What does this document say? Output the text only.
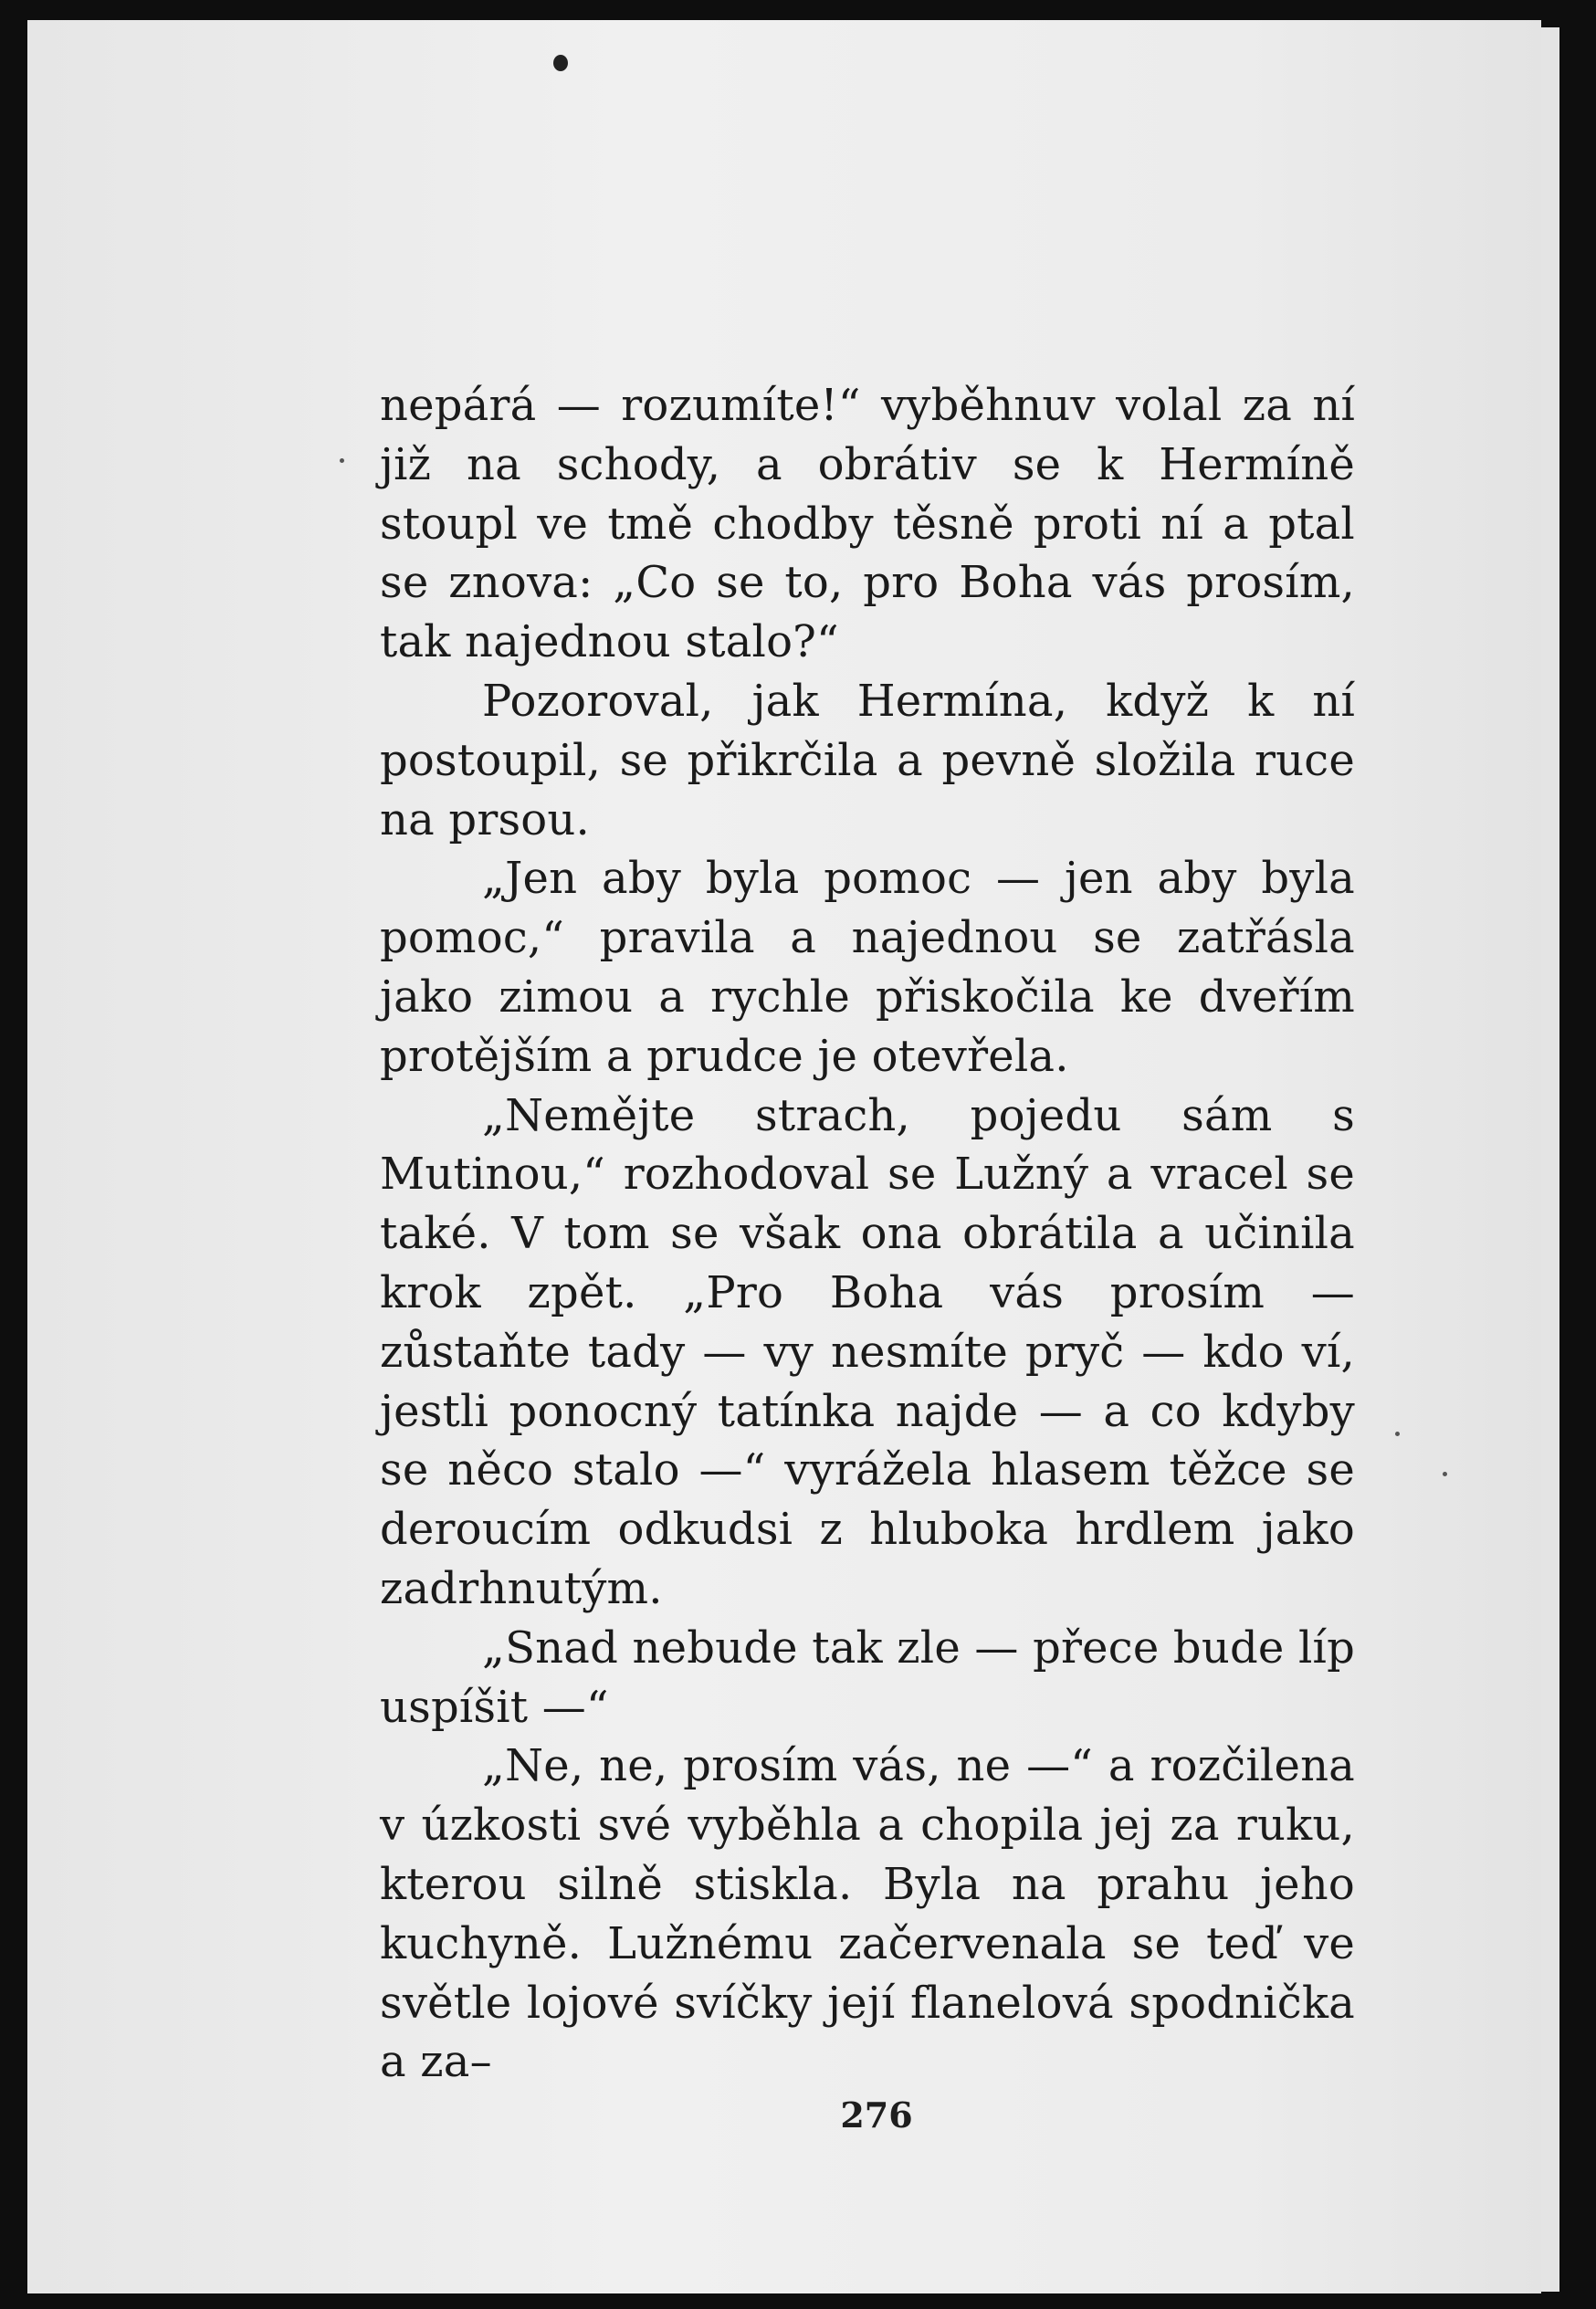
nepárá — rozumíte!“ vyběhnuv volal za ní již na schody, a obrátiv se k Hermíně stoupl ve tmě chodby těsně proti ní a ptal se znova: „Co se to, pro Boha vás prosím, tak najednou stalo?“

Pozoroval, jak Hermína, když k ní postoupil, se přikrčila a pevně složila ruce na prsou.

„Jen aby byla pomoc — jen aby byla pomoc,“ pravila a najednou se zatřásla jako zimou a rychle přiskočila ke dveřím protějším a prudce je otevřela.

„Nemějte strach, pojedu sám s Mutinou,“ rozhodoval se Lužný a vracel se také. V tom se však ona obrátila a učinila krok zpět. „Pro Boha vás prosím — zůstaňte tady — vy nesmíte pryč — kdo ví, jestli ponocný tatínka najde — a co kdyby se něco stalo —“ vyrážela hlasem těžce se deroucím odkudsi z hluboka hrdlem jako zadrhnutým.

„Snad nebude tak zle — přece bude líp uspíšit —“

„Ne, ne, prosím vás, ne —“ a rozčilena v úzkosti své vyběhla a chopila jej za ruku, kterou silně stiskla. Byla na prahu jeho kuchyně. Lužnému začervenala se teď ve světle lojové svíčky její flanelová spodnička a za–

276
